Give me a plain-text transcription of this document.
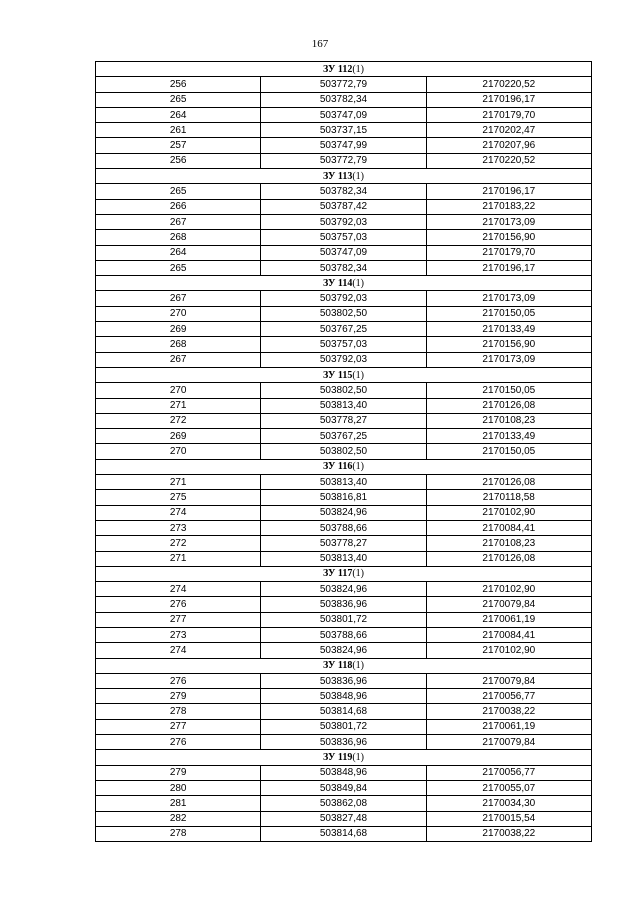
167
ЗУ 112(1)		
256	503772,79	2170220,52
265	503782,34	2170196,17
264	503747,09	2170179,70
261	503737,15	2170202,47
257	503747,99	2170207,96
256	503772,79	2170220,52
ЗУ 113(1)		
265	503782,34	2170196,17
266	503787,42	2170183,22
267	503792,03	2170173,09
268	503757,03	2170156,90
264	503747,09	2170179,70
265	503782,34	2170196,17
ЗУ 114(1)		
267	503792,03	2170173,09
270	503802,50	2170150,05
269	503767,25	2170133,49
268	503757,03	2170156,90
267	503792,03	2170173,09
ЗУ 115(1)		
270	503802,50	2170150,05
271	503813,40	2170126,08
272	503778,27	2170108,23
269	503767,25	2170133,49
270	503802,50	2170150,05
ЗУ 116(1)		
271	503813,40	2170126,08
275	503816,81	2170118,58
274	503824,96	2170102,90
273	503788,66	2170084,41
272	503778,27	2170108,23
271	503813,40	2170126,08
ЗУ 117(1)		
274	503824,96	2170102,90
276	503836,96	2170079,84
277	503801,72	2170061,19
273	503788,66	2170084,41
274	503824,96	2170102,90
ЗУ 118(1)		
276	503836,96	2170079,84
279	503848,96	2170056,77
278	503814,68	2170038,22
277	503801,72	2170061,19
276	503836,96	2170079,84
ЗУ 119(1)		
279	503848,96	2170056,77
280	503849,84	2170055,07
281	503862,08	2170034,30
282	503827,48	2170015,54
278	503814,68	2170038,22
